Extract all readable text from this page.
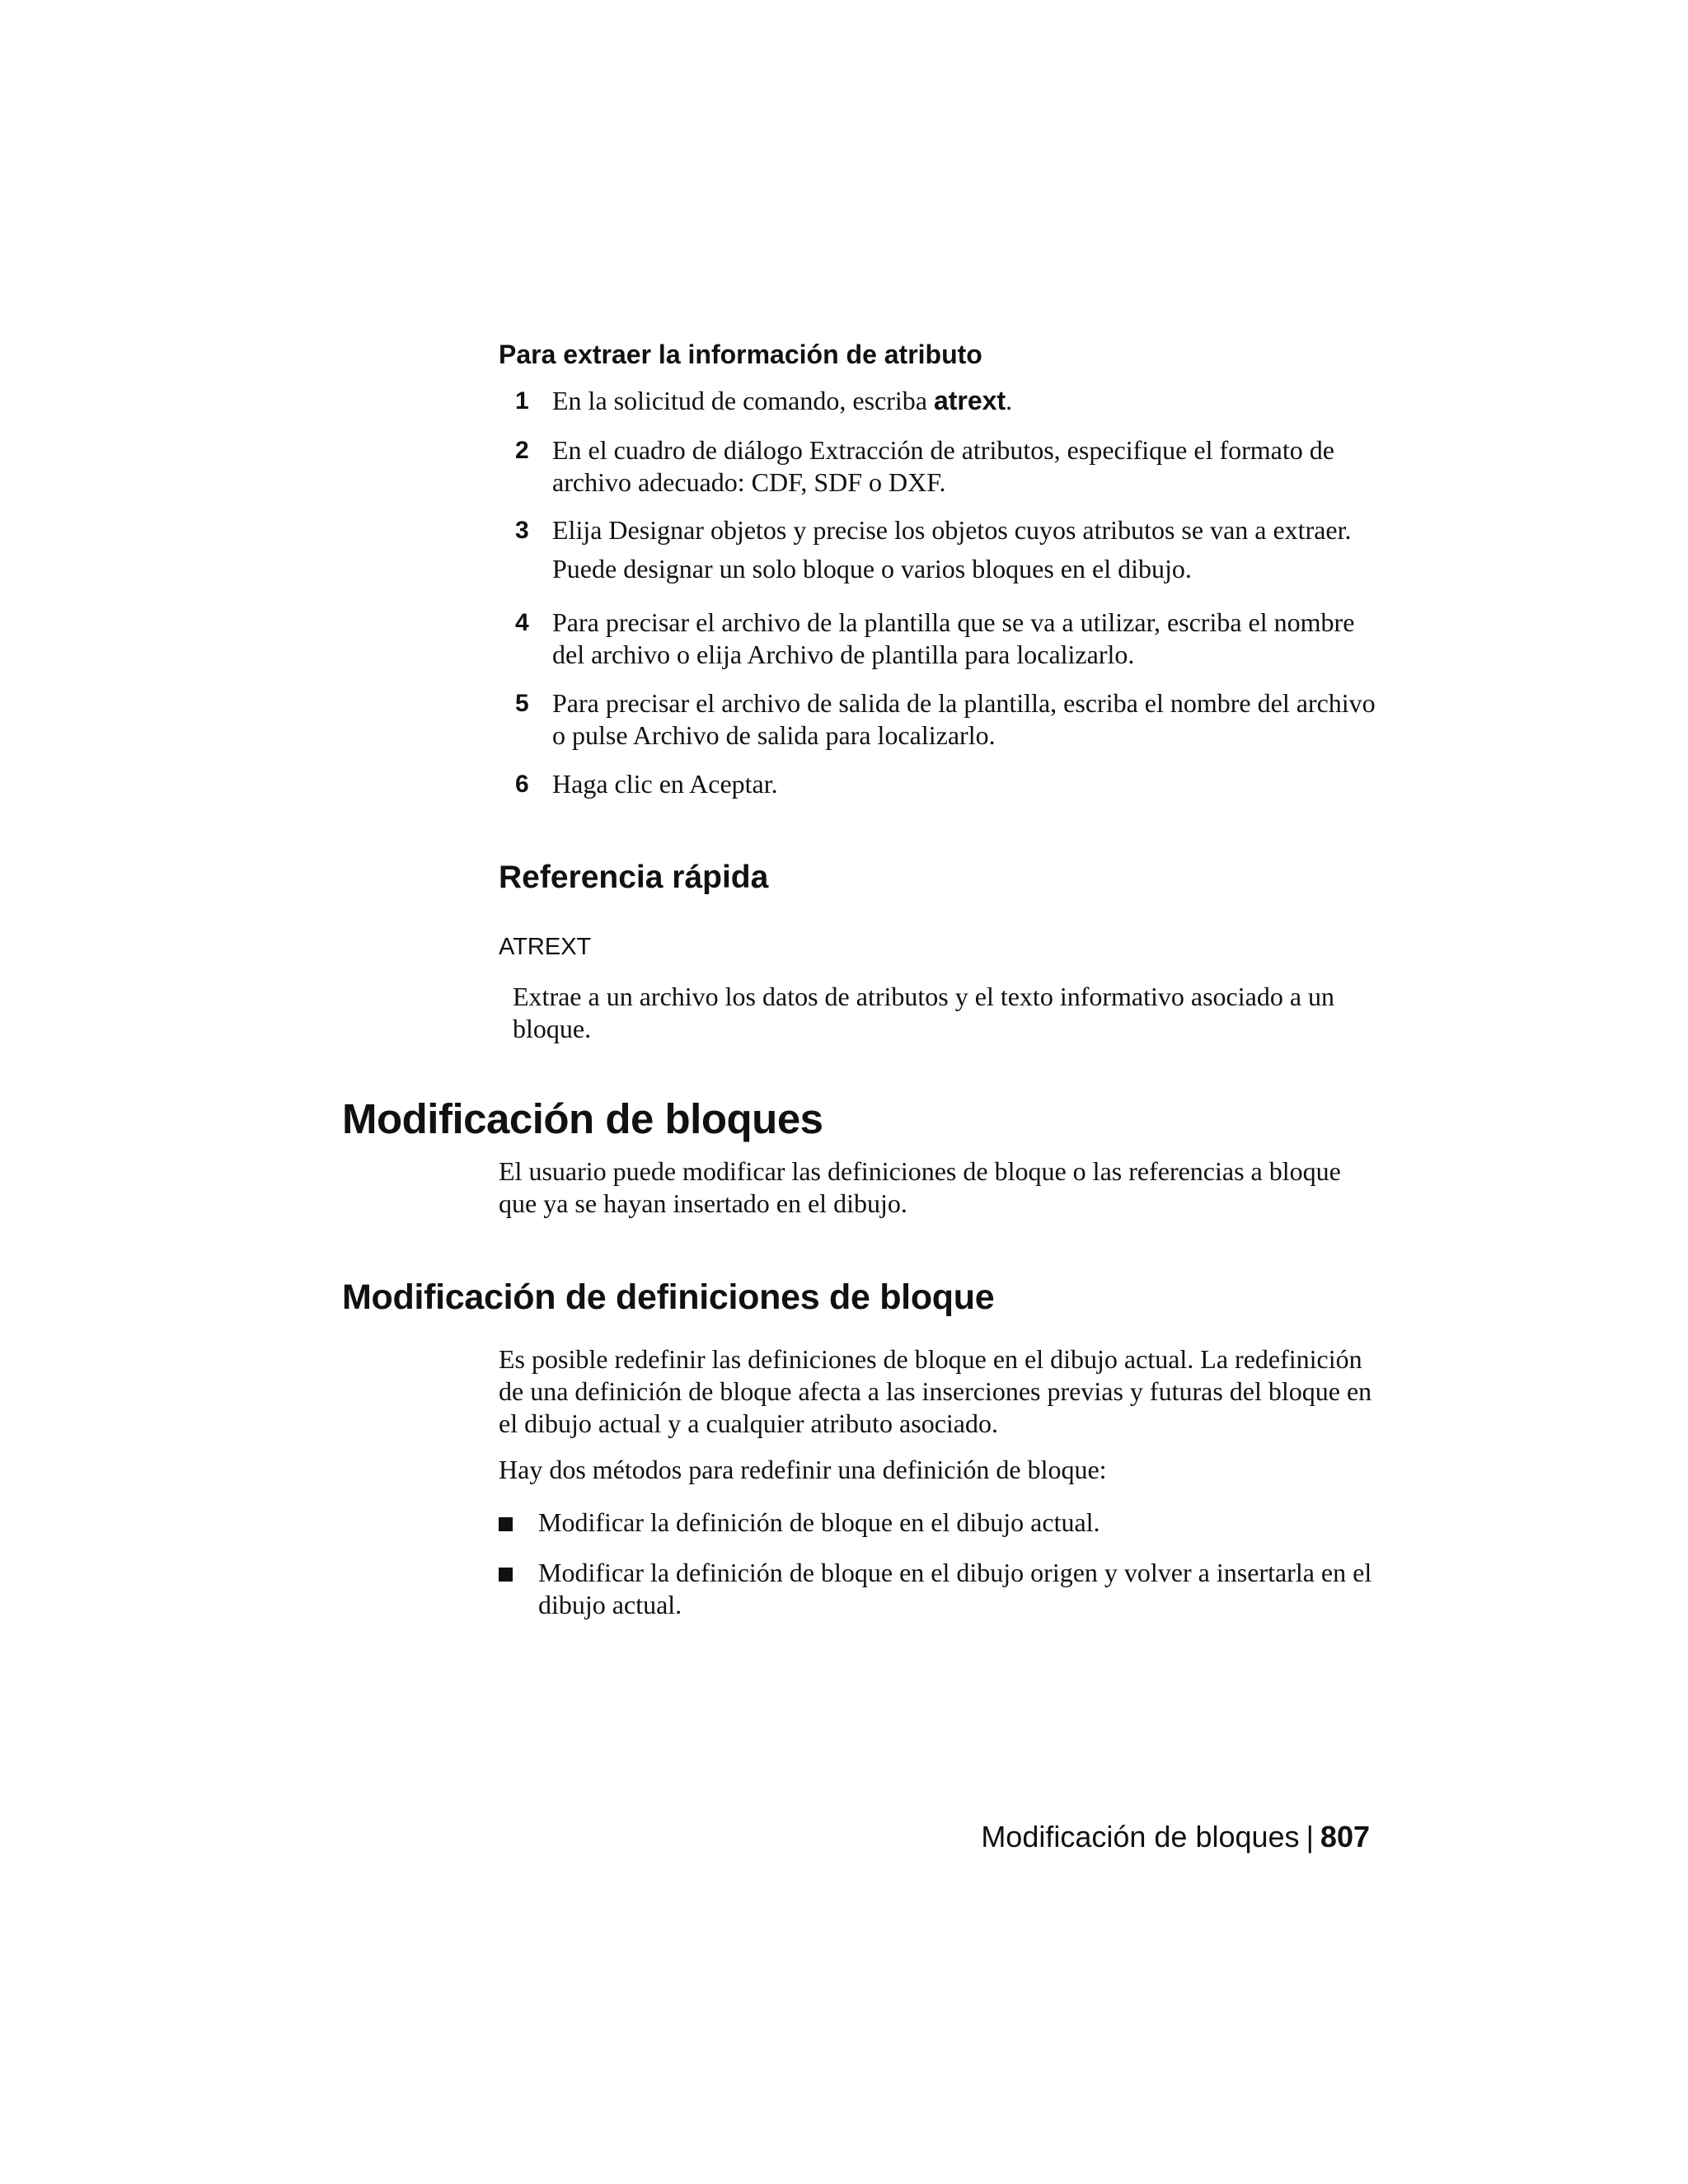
Para extraer la información de atributo
1 En la solicitud de comando, escriba atrext.
2 En el cuadro de diálogo Extracción de atributos, especifique el formato de archivo adecuado: CDF, SDF o DXF.
3 Elija Designar objetos y precise los objetos cuyos atributos se van a extraer.
Puede designar un solo bloque o varios bloques en el dibujo.
4 Para precisar el archivo de la plantilla que se va a utilizar, escriba el nombre del archivo o elija Archivo de plantilla para localizarlo.
5 Para precisar el archivo de salida de la plantilla, escriba el nombre del archivo o pulse Archivo de salida para localizarlo.
6 Haga clic en Aceptar.
Referencia rápida
ATREXT
Extrae a un archivo los datos de atributos y el texto informativo asociado a un bloque.
Modificación de bloques
El usuario puede modificar las definiciones de bloque o las referencias a bloque que ya se hayan insertado en el dibujo.
Modificación de definiciones de bloque
Es posible redefinir las definiciones de bloque en el dibujo actual. La redefinición de una definición de bloque afecta a las inserciones previas y futuras del bloque en el dibujo actual y a cualquier atributo asociado.
Hay dos métodos para redefinir una definición de bloque:
Modificar la definición de bloque en el dibujo actual.
Modificar la definición de bloque en el dibujo origen y volver a insertarla en el dibujo actual.
Modificación de bloques | 807
